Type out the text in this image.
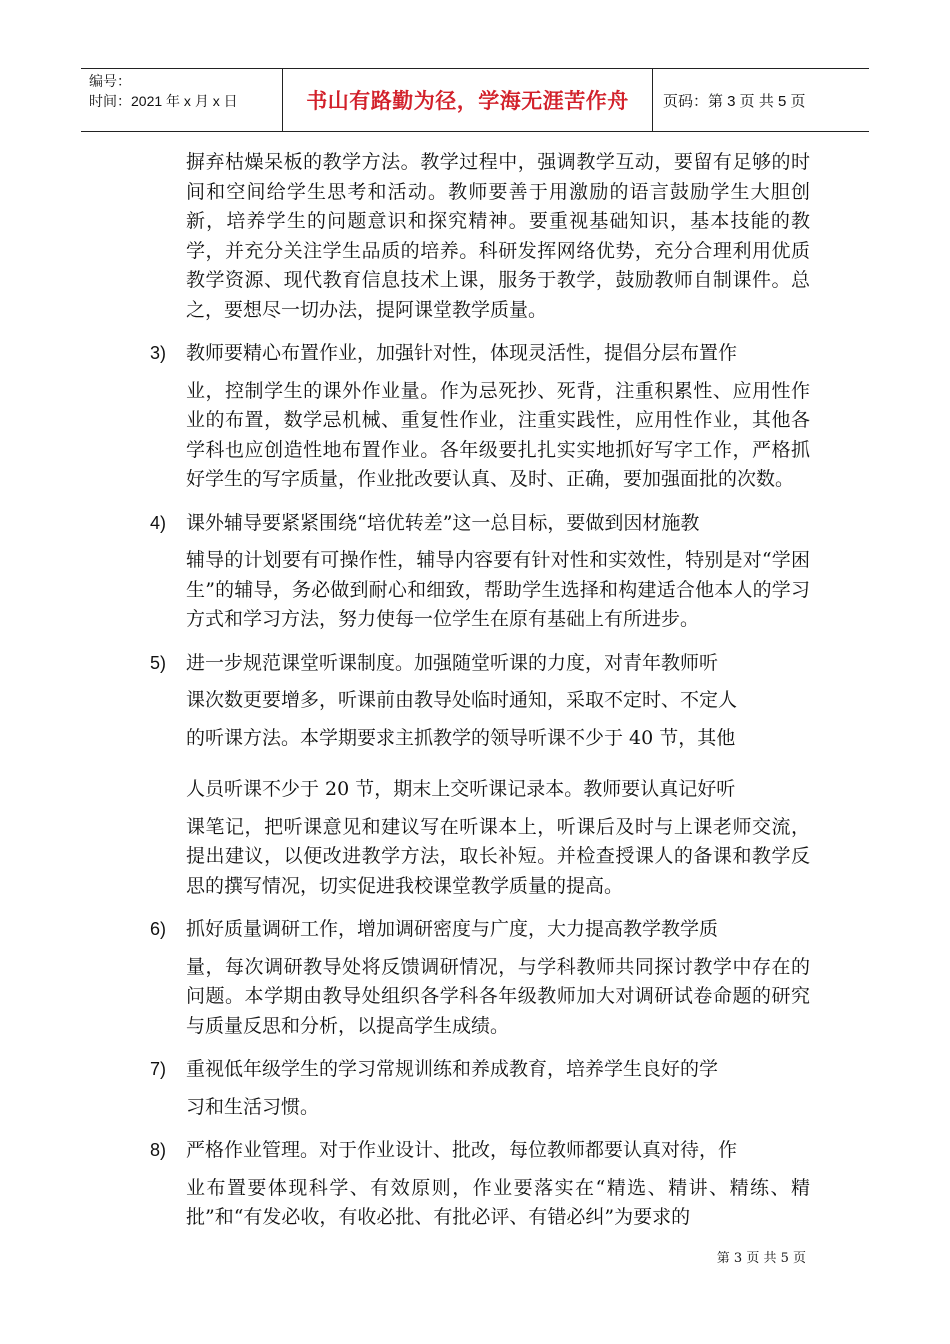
编号：
时间：2021 年 x 月 x 日	书山有路勤为径，学海无涯苦作舟	页码：第 3 页 共 5 页

摒弃枯燥呆板的教学方法。教学过程中，强调教学互动，要留有足够的时间和空间给学生思考和活动。教师要善于用激励的语言鼓励学生大胆创新，培养学生的问题意识和探究精神。要重视基础知识，基本技能的教学，并充分关注学生品质的培养。科研发挥网络优势，充分合理利用优质教学资源、现代教育信息技术上课，服务于教学，鼓励教师自制课件。总之，要想尽一切办法，提阿课堂教学质量。

3) 教师要精心布置作业，加强针对性，体现灵活性，提倡分层布置作
业，控制学生的课外作业量。作为忌死抄、死背，注重积累性、应用性作业的布置，数学忌机械、重复性作业，注重实践性，应用性作业，其他各学科也应创造性地布置作业。各年级要扎扎实实地抓好写字工作，严格抓好学生的写字质量，作业批改要认真、及时、正确，要加强面批的次数。

4) 课外辅导要紧紧围绕“培优转差”这一总目标，要做到因材施教
辅导的计划要有可操作性，辅导内容要有针对性和实效性，特别是对“学困生”的辅导，务必做到耐心和细致，帮助学生选择和构建适合他本人的学习方式和学习方法，努力使每一位学生在原有基础上有所进步。

5) 进一步规范课堂听课制度。加强随堂听课的力度，对青年教师听
课次数更要增多，听课前由教导处临时通知，采取不定时、不定人
的听课方法。本学期要求主抓教学的领导听课不少于 40 节，其他
人员听课不少于 20 节，期末上交听课记录本。教师要认真记好听
课笔记，把听课意见和建议写在听课本上，听课后及时与上课老师交流，提出建议，以便改进教学方法，取长补短。并检查授课人的备课和教学反思的撰写情况，切实促进我校课堂教学质量的提高。

6) 抓好质量调研工作，增加调研密度与广度，大力提高教学教学质
量，每次调研教导处将反馈调研情况，与学科教师共同探讨教学中存在的问题。本学期由教导处组织各学科各年级教师加大对调研试卷命题的研究与质量反思和分析，以提高学生成绩。

7) 重视低年级学生的学习常规训练和养成教育，培养学生良好的学
习和生活习惯。

8) 严格作业管理。对于作业设计、批改，每位教师都要认真对待，作
业布置要体现科学、有效原则，作业要落实在“精选、精讲、精练、精批”和“有发必收，有收必批、有批必评、有错必纠”为要求的

第 3 页 共 5 页
